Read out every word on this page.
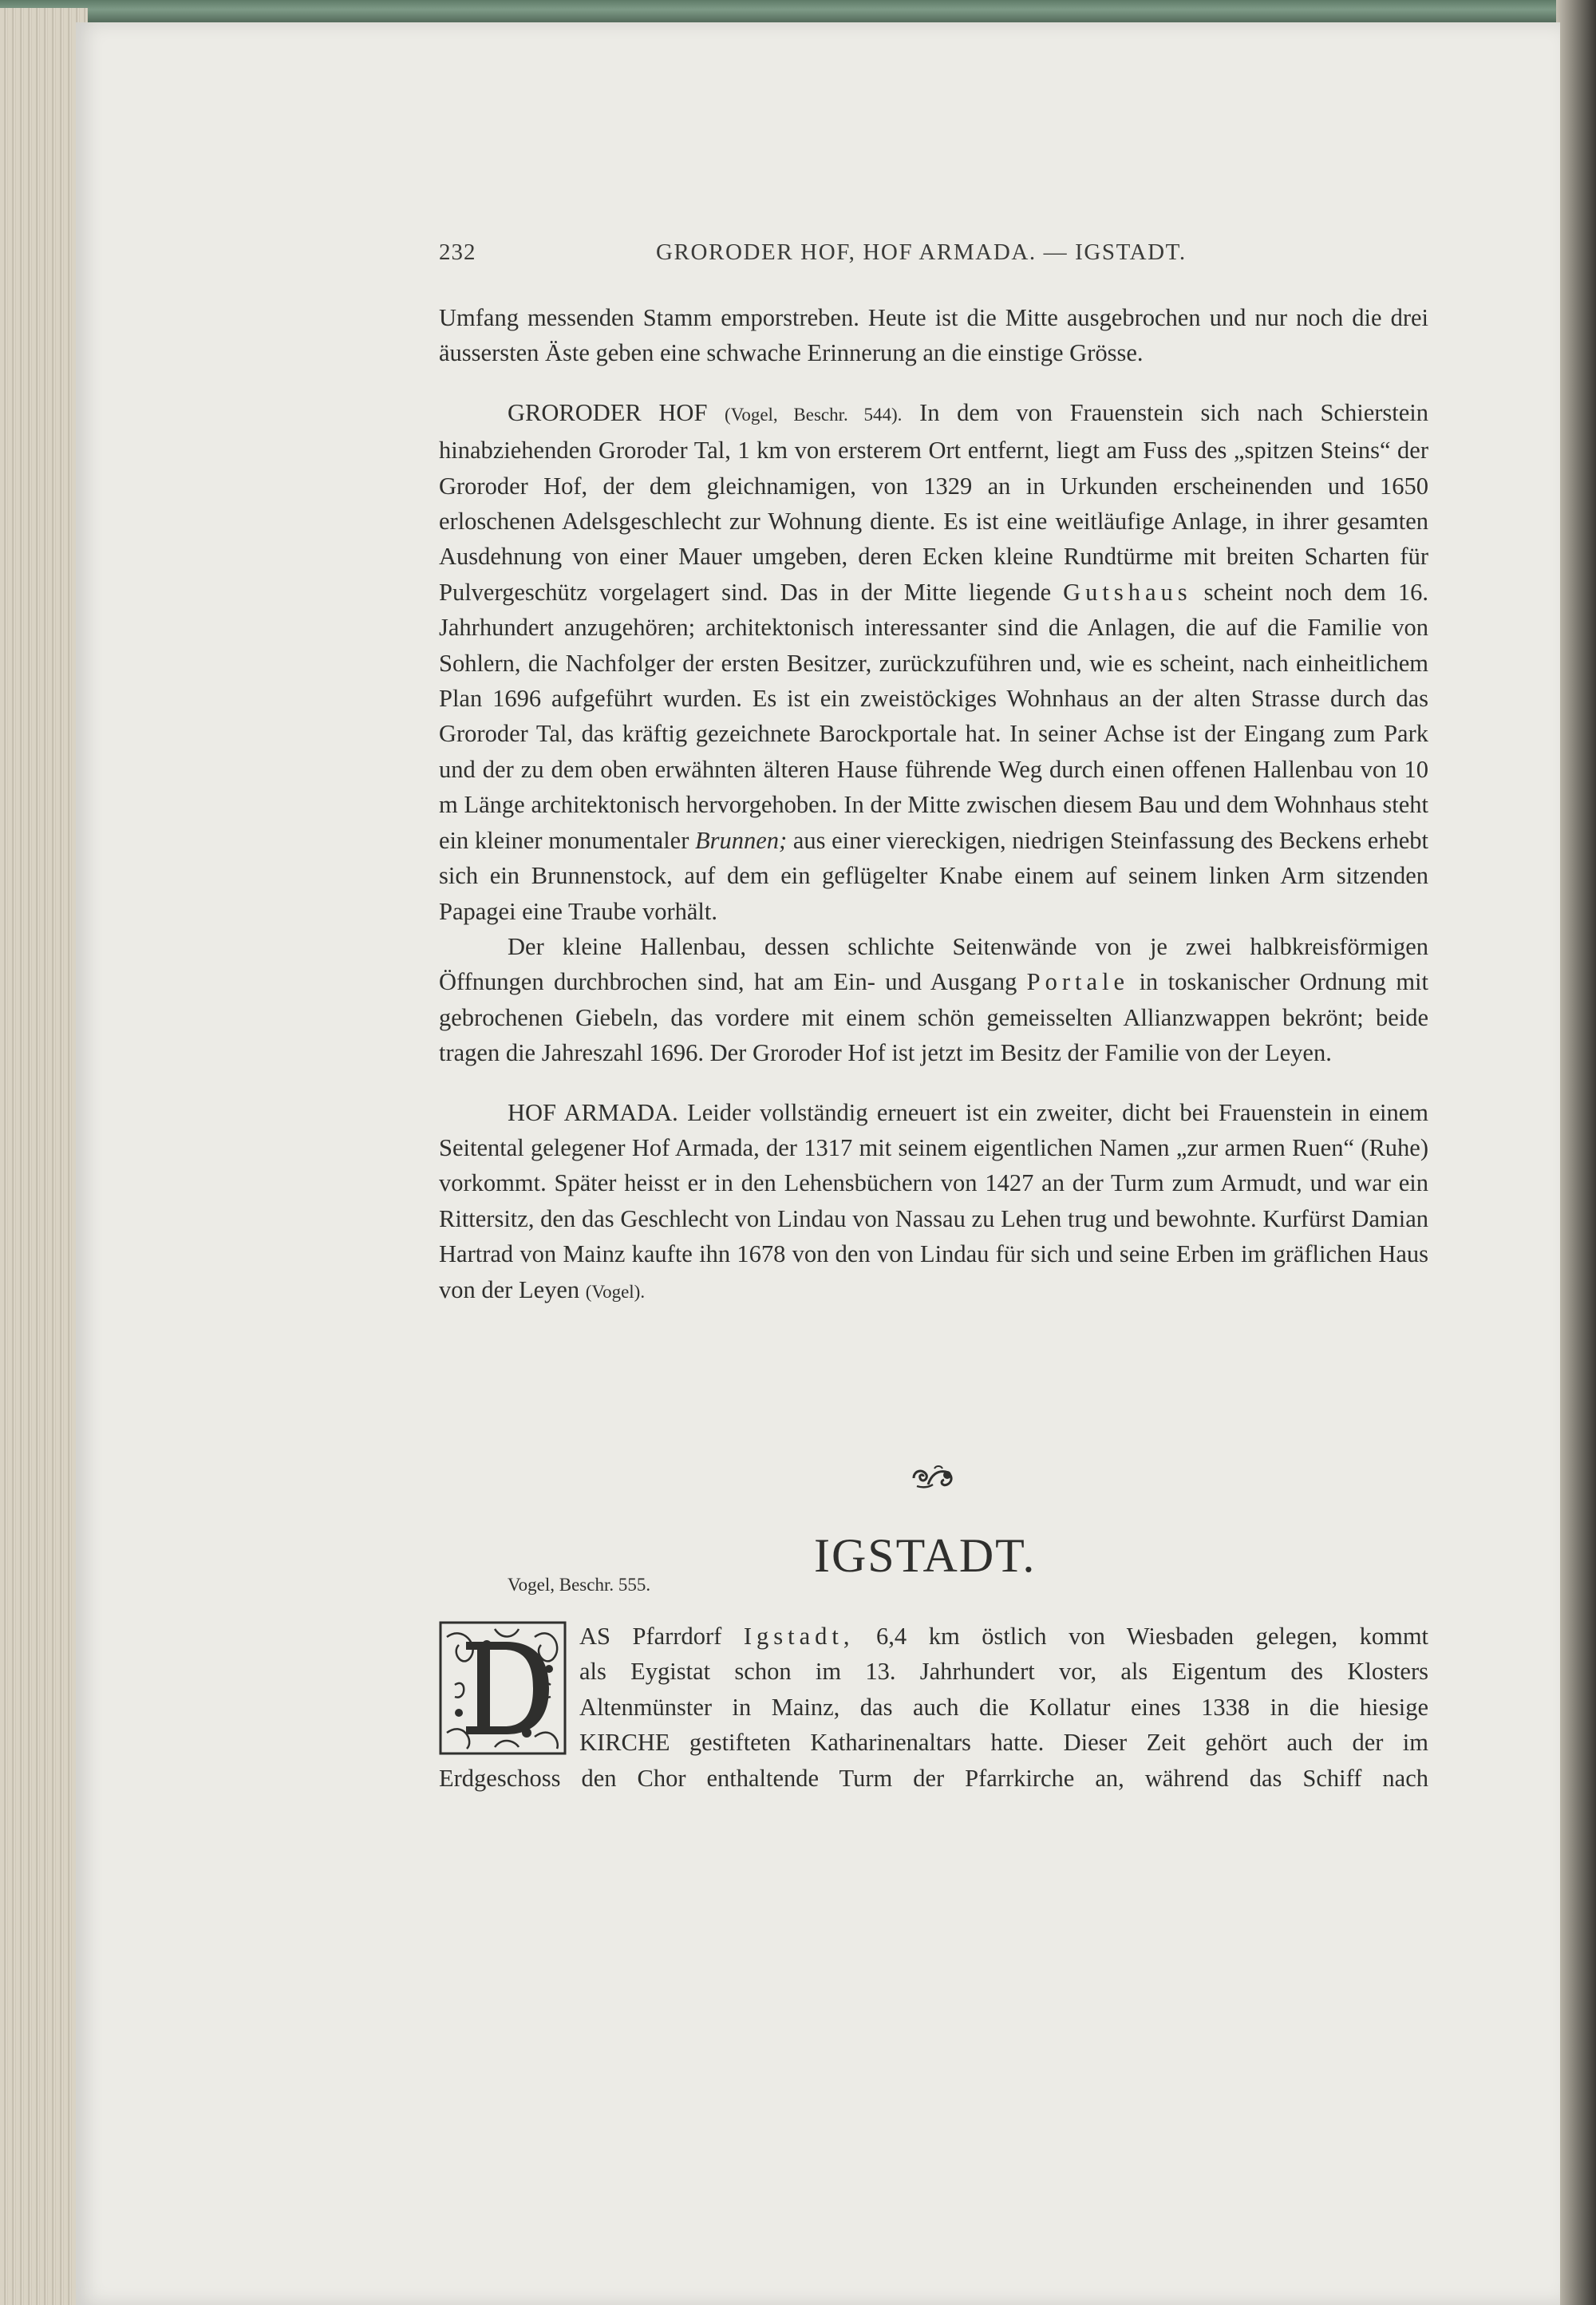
232	GRORODER HOF, HOF ARMADA. — IGSTADT.

Umfang messenden Stamm emporstreben. Heute ist die Mitte ausgebrochen und nur noch die drei äussersten Äste geben eine schwache Erinnerung an die einstige Grösse.

GRORODER HOF (Vogel, Beschr. 544). In dem von Frauenstein sich nach Schierstein hinabziehenden Groroder Tal, 1 km von ersterem Ort entfernt, liegt am Fuss des „spitzen Steins“ der Groroder Hof, der dem gleichnamigen, von 1329 an in Urkunden erscheinenden und 1650 erloschenen Adelsgeschlecht zur Wohnung diente. Es ist eine weitläufige Anlage, in ihrer gesamten Ausdehnung von einer Mauer umgeben, deren Ecken kleine Rundtürme mit breiten Scharten für Pulvergeschütz vorgelagert sind. Das in der Mitte liegende Gutshaus scheint noch dem 16. Jahrhundert anzugehören; architektonisch interessanter sind die Anlagen, die auf die Familie von Sohlern, die Nachfolger der ersten Besitzer, zurückzuführen und, wie es scheint, nach einheitlichem Plan 1696 aufgeführt wurden. Es ist ein zweistöckiges Wohnhaus an der alten Strasse durch das Groroder Tal, das kräftig gezeichnete Barockportale hat. In seiner Achse ist der Eingang zum Park und der zu dem oben erwähnten älteren Hause führende Weg durch einen offenen Hallenbau von 10 m Länge architektonisch hervorgehoben. In der Mitte zwischen diesem Bau und dem Wohnhaus steht ein kleiner monumentaler Brunnen; aus einer viereckigen, niedrigen Steinfassung des Beckens erhebt sich ein Brunnenstock, auf dem ein geflügelter Knabe einem auf seinem linken Arm sitzenden Papagei eine Traube vorhält.

Der kleine Hallenbau, dessen schlichte Seitenwände von je zwei halbkreisförmigen Öffnungen durchbrochen sind, hat am Ein- und Ausgang Portale in toskanischer Ordnung mit gebrochenen Giebeln, das vordere mit einem schön gemeisselten Allianzwappen bekrönt; beide tragen die Jahreszahl 1696. Der Groroder Hof ist jetzt im Besitz der Familie von der Leyen.

HOF ARMADA. Leider vollständig erneuert ist ein zweiter, dicht bei Frauenstein in einem Seitental gelegener Hof Armada, der 1317 mit seinem eigentlichen Namen „zur armen Ruen“ (Ruhe) vorkommt. Später heisst er in den Lehensbüchern von 1427 an der Turm zum Armudt, und war ein Rittersitz, den das Geschlecht von Lindau von Nassau zu Lehen trug und bewohnte. Kurfürst Damian Hartrad von Mainz kaufte ihn 1678 von den von Lindau für sich und seine Erben im gräflichen Haus von der Leyen (Vogel).

IGSTADT.
Vogel, Beschr. 555.
AS Pfarrdorf Igstadt, 6,4 km östlich von Wiesbaden gelegen, kommt
als Eygistat schon im 13. Jahrhundert vor, als Eigentum des Klosters
Altenmünster in Mainz, das auch die Kollatur eines 1338 in die hiesige
KIRCHE gestifteten Katharinenaltars hatte. Dieser Zeit gehört auch der im
Erdgeschoss den Chor enthaltende Turm der Pfarrkirche an, während das Schiff nach
